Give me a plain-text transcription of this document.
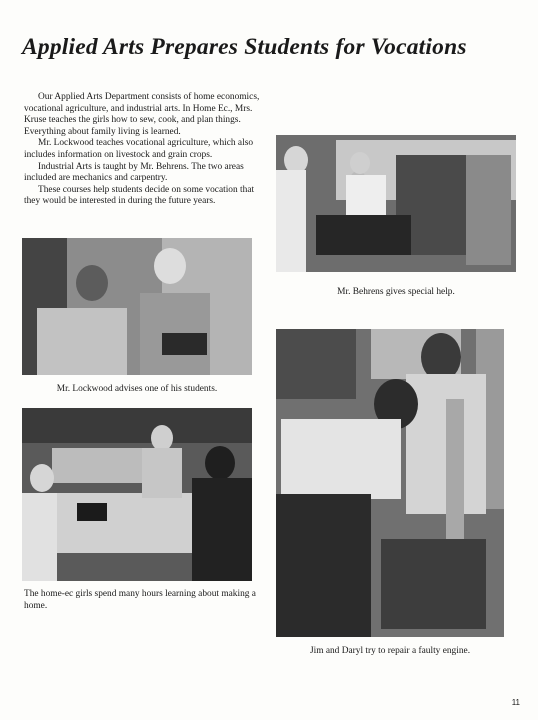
Applied Arts Prepares Students for Vocations

Our Applied Arts Department consists of home economics, vocational agriculture, and industrial arts. In Home Ec., Mrs. Kruse teaches the girls how to sew, cook, and plan things. Everything about family living is learned.

Mr. Lockwood teaches vocational agriculture, which also includes information on livestock and grain crops.

Industrial Arts is taught by Mr. Behrens. The two areas included are mechanics and carpentry.

These courses help students decide on some vocation that they would be interested in during the future years.

Mr. Behrens gives special help.

Mr. Lockwood advises one of his students.

The home-ec girls spend many hours learning about making a home.

Jim and Daryl try to repair a faulty engine.

11
